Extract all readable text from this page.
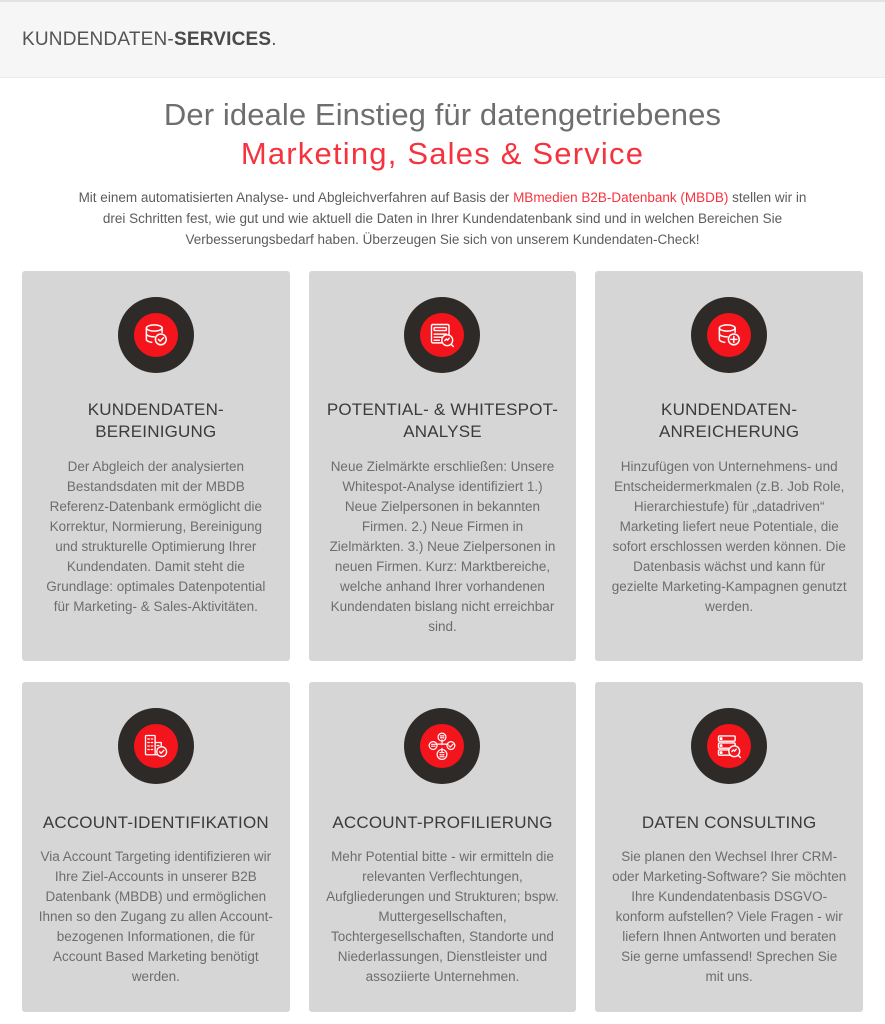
KUNDENDATEN-SERVICES.
Der ideale Einstieg für datengetriebenes
Marketing, Sales & Service

Mit einem automatisierten Analyse- und Abgleichverfahren auf Basis der MBmedien B2B-Datenbank (MBDB) stellen wir in drei Schritten fest, wie gut und wie aktuell die Daten in Ihrer Kundendatenbank sind und in welchen Bereichen Sie Verbesserungsbedarf haben. Überzeugen Sie sich von unserem Kundendaten-Check!

KUNDENDATEN-BEREINIGUNG
Der Abgleich der analysierten Bestandsdaten mit der MBDB Referenz-Datenbank ermöglicht die Korrektur, Normierung, Bereinigung und strukturelle Optimierung Ihrer Kundendaten. Damit steht die Grundlage: optimales Datenpotential für Marketing- & Sales-Aktivitäten.
POTENTIAL- & WHITESPOT-ANALYSE
Neue Zielmärkte erschließen: Unsere Whitespot-Analyse identifiziert 1.) Neue Zielpersonen in bekannten Firmen. 2.) Neue Firmen in Zielmärkten. 3.) Neue Zielpersonen in neuen Firmen. Kurz: Marktbereiche, welche anhand Ihrer vorhandenen Kundendaten bislang nicht erreichbar sind.
KUNDENDATEN-ANREICHERUNG
Hinzufügen von Unternehmens- und Entscheidermerkmalen (z.B. Job Role, Hierarchiestufe) für „datadriven“ Marketing liefert neue Potentiale, die sofort erschlossen werden können. Die Datenbasis wächst und kann für gezielte Marketing-Kampagnen genutzt werden.
ACCOUNT-IDENTIFIKATION
Via Account Targeting identifizieren wir Ihre Ziel-Accounts in unserer B2B Datenbank (MBDB) und ermöglichen Ihnen so den Zugang zu allen Account-bezogenen Informationen, die für Account Based Marketing benötigt werden.
ACCOUNT-PROFILIERUNG
Mehr Potential bitte - wir ermitteln die relevanten Verflechtungen, Aufgliederungen und Strukturen; bspw. Muttergesellschaften, Tochtergesellschaften, Standorte und Niederlassungen, Dienstleister und assoziierte Unternehmen.
DATEN CONSULTING
Sie planen den Wechsel Ihrer CRM- oder Marketing-Software? Sie möchten Ihre Kundendatenbasis DSGVO-konform aufstellen? Viele Fragen - wir liefern Ihnen Antworten und beraten Sie gerne umfassend! Sprechen Sie mit uns.
